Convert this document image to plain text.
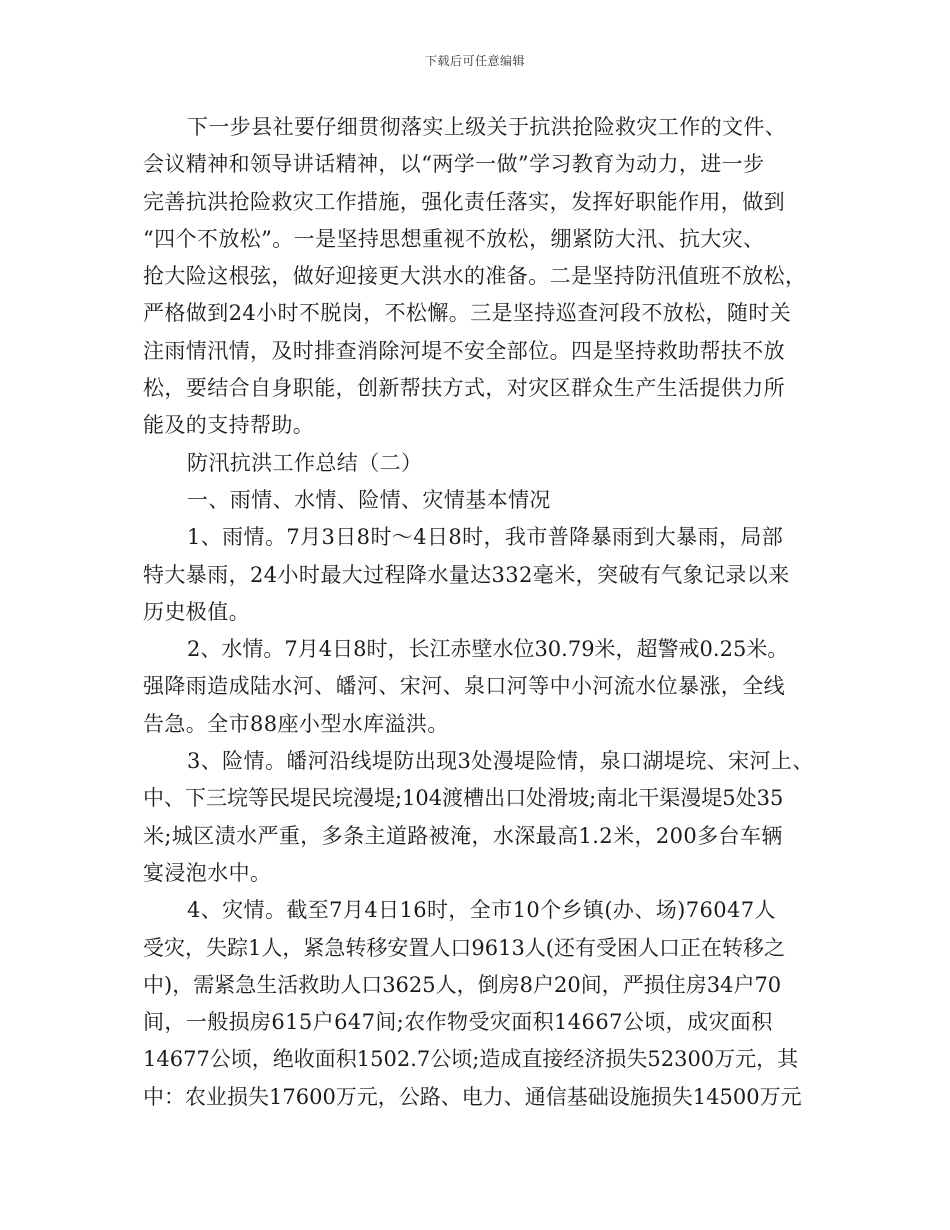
下载后可任意编辑
下一步县社要仔细贯彻落实上级关于抗洪抢险救灾工作的文件、
会议精神和领导讲话精神，以“两学一做”学习教育为动力，进一步
完善抗洪抢险救灾工作措施，强化责任落实，发挥好职能作用，做到
“四个不放松”。一是坚持思想重视不放松，绷紧防大汛、抗大灾、
抢大险这根弦，做好迎接更大洪水的准备。二是坚持防汛值班不放松，
严格做到24小时不脱岗，不松懈。三是坚持巡查河段不放松，随时关
注雨情汛情，及时排查消除河堤不安全部位。四是坚持救助帮扶不放
松，要结合自身职能，创新帮扶方式，对灾区群众生产生活提供力所
能及的支持帮助。
防汛抗洪工作总结（二）
一、雨情、水情、险情、灾情基本情况
1、雨情。7月3日8时～4日8时，我市普降暴雨到大暴雨，局部
特大暴雨，24小时最大过程降水量达332毫米，突破有气象记录以来
历史极值。
2、水情。7月4日8时，长江赤壁水位30.79米，超警戒0.25米。
强降雨造成陆水河、皤河、宋河、泉口河等中小河流水位暴涨，全线
告急。全市88座小型水库溢洪。
3、险情。皤河沿线堤防出现3处漫堤险情，泉口湖堤垸、宋河上、
中、下三垸等民堤民垸漫堤;104渡槽出口处滑坡;南北干渠漫堤5处35
米;城区渍水严重，多条主道路被淹，水深最高1.2米，200多台车辆
宴浸泡水中。
4、灾情。截至7月4日16时，全市10个乡镇(办、场)76047人
受灾，失踪1人，紧急转移安置人口9613人(还有受困人口正在转移之
中)，需紧急生活救助人口3625人，倒房8户20间，严损住房34户70
间，一般损房615户647间;农作物受灾面积14667公顷，成灾面积
14677公顷，绝收面积1502.7公顷;造成直接经济损失52300万元，其
中：农业损失17600万元，公路、电力、通信基础设施损失14500万元
